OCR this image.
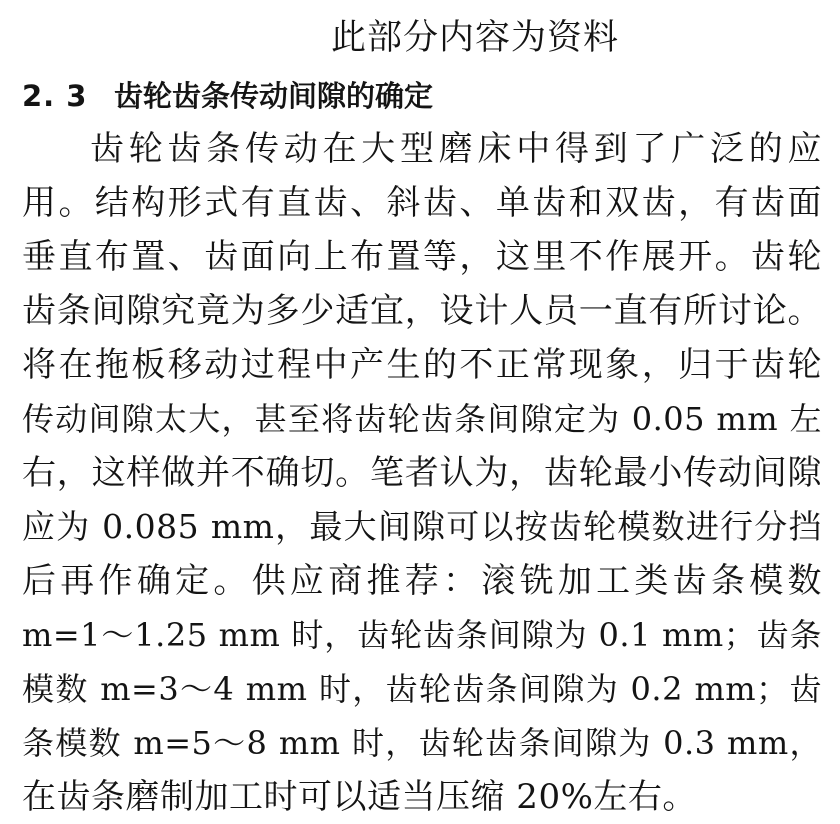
此部分内容为资料
2. 3 齿轮齿条传动间隙的确定
齿轮齿条传动在大型磨床中得到了广泛的应
用。结构形式有直齿、斜齿、单齿和双齿，有齿面
垂直布置、齿面向上布置等，这里不作展开。齿轮
齿条间隙究竟为多少适宜，设计人员一直有所讨论。
将在拖板移动过程中产生的不正常现象，归于齿轮
传动间隙太大，甚至将齿轮齿条间隙定为 0.05 mm 左
右，这样做并不确切。笔者认为，齿轮最小传动间隙
应为 0.085 mm，最大间隙可以按齿轮模数进行分挡
后再作确定。供应商推荐：滚铣加工类齿条模数
m=1～1.25 mm 时，齿轮齿条间隙为 0.1 mm；齿条
模数 m=3～4 mm 时，齿轮齿条间隙为 0.2 mm；齿
条模数 m=5～8 mm 时，齿轮齿条间隙为 0.3 mm，
在齿条磨制加工时可以适当压缩 20%左右。
